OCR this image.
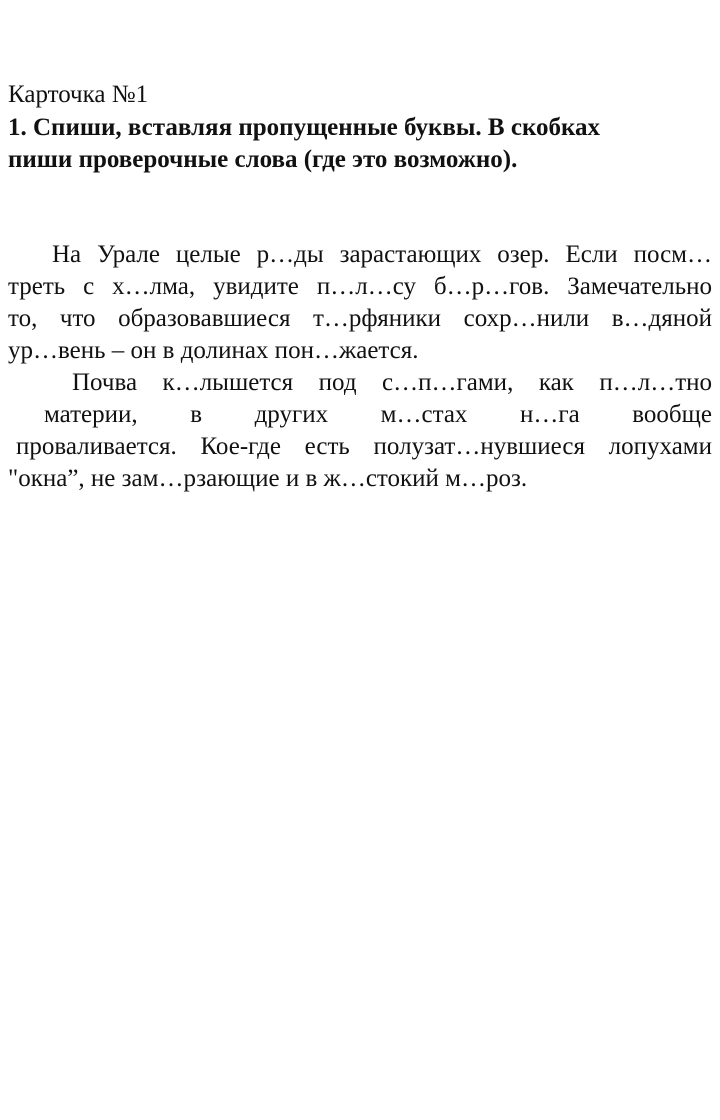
Карточка №1
1. Спиши, вставляя пропущенные буквы. В скобках
пиши проверочные слова (где это возможно).
На Урале целые р…ды зарастающих озер. Если посм…
треть с х…лма, увидите п…л…су б…р…гов. Замечательно
то, что образовавшиеся т…рфяники сохр…нили в…дяной
ур…вень – он в долинах пон…жается.
Почва к…лышется под с…п…гами, как п…л…тно
материи, в других м…стах н…га вообще
проваливается. Кое-где есть полузат…нувшиеся лопухами
"окна”, не зам…рзающие и в ж…стокий м…роз.
